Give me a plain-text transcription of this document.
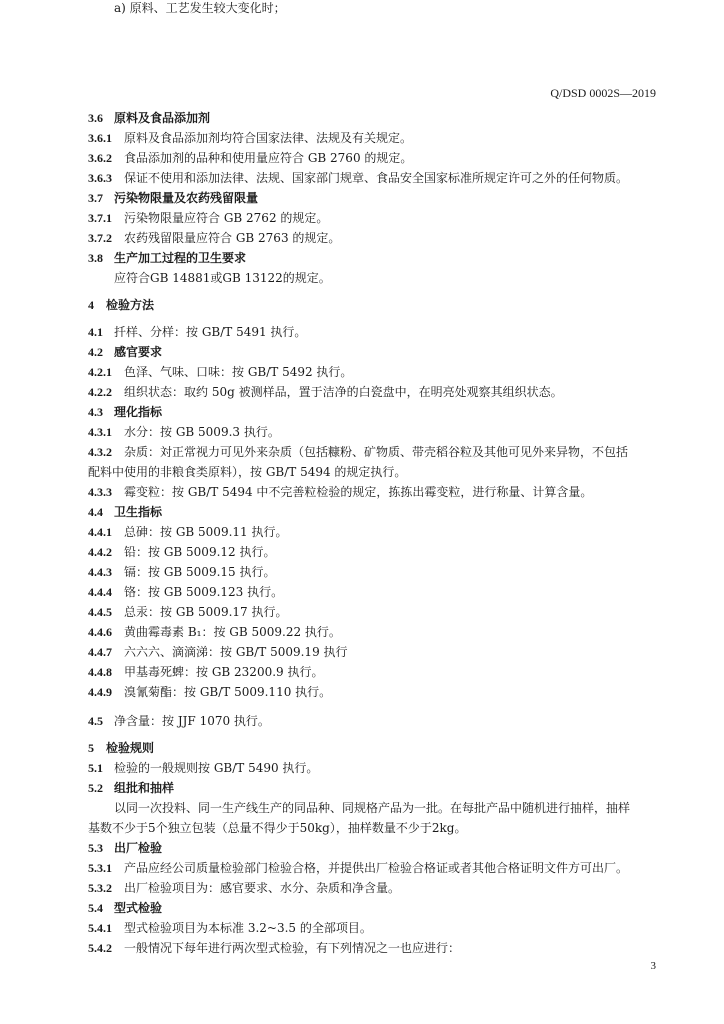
Q/DSD 0002S—2019
3.6 原料及食品添加剂
3.6.1 原料及食品添加剂均符合国家法律、法规及有关规定。
3.6.2 食品添加剂的品种和使用量应符合 GB 2760 的规定。
3.6.3 保证不使用和添加法律、法规、国家部门规章、食品安全国家标准所规定许可之外的任何物质。
3.7 污染物限量及农药残留限量
3.7.1 污染物限量应符合 GB 2762 的规定。
3.7.2 农药残留限量应符合 GB 2763 的规定。
3.8 生产加工过程的卫生要求
应符合GB 14881或GB 13122的规定。
4 检验方法
4.1 扦样、分样：按 GB/T 5491 执行。
4.2 感官要求
4.2.1 色泽、气味、口味：按 GB/T 5492 执行。
4.2.2 组织状态：取约 50g 被测样品，置于洁净的白瓷盘中，在明亮处观察其组织状态。
4.3 理化指标
4.3.1 水分：按 GB 5009.3 执行。
4.3.2 杂质：対正常视力可见外来杂质（包括糠粉、矿物质、带壳稻谷粒及其他可见外来异物，不包括
配料中使用的非粮食类原料），按 GB/T 5494 的规定执行。
4.3.3 霉变粒：按 GB/T 5494 中不完善粒检验的规定，拣拣出霉变粒，进行称量、计算含量。
4.4 卫生指标
4.4.1 总砷：按 GB 5009.11 执行。
4.4.2 铅：按 GB 5009.12 执行。
4.4.3 镉：按 GB 5009.15 执行。
4.4.4 铬：按 GB 5009.123 执行。
4.4.5 总汞：按 GB 5009.17 执行。
4.4.6 黄曲霉毒素 B₁：按 GB 5009.22 执行。
4.4.7 六六六、滴滴涕：按 GB/T 5009.19 执行
4.4.8 甲基毒死蜱：按 GB 23200.9 执行。
4.4.9 溴氰菊酯：按 GB/T 5009.110 执行。
4.5 净含量：按 JJF 1070 执行。
5 检验规则
5.1 检验的一般规则按 GB/T 5490 执行。
5.2 组批和抽样
以同一次投料、同一生产线生产的同品种、同规格产品为一批。在每批产品中随机进行抽样，抽样
基数不少于5个独立包装（总量不得少于50kg），抽样数量不少于2kg。
5.3 出厂检验
5.3.1 产品应经公司质量检验部门检验合格，并提供出厂检验合格证或者其他合格证明文件方可出厂。
5.3.2 出厂检验项目为：感官要求、水分、杂质和净含量。
5.4 型式检验
5.4.1 型式检验项目为本标准 3.2~3.5 的全部项目。
5.4.2 一般情况下每年进行两次型式检验，有下列情况之一也应进行：
a) 原料、工艺发生较大变化时；
3
